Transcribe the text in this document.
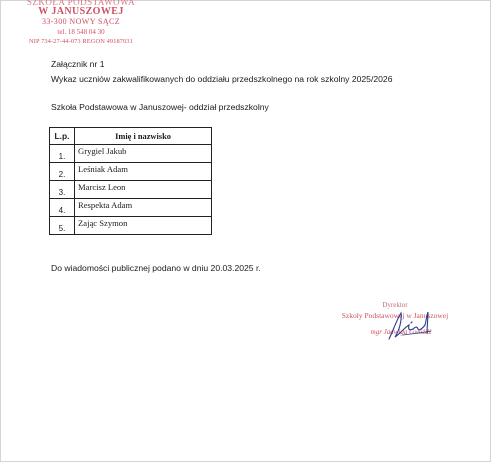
SZKOŁA PODSTAWOWA
W JANUSZOWEJ
33-300 NOWY SĄCZ
tel. 18 548 04 30
NIP 734-27-44-073 REGON 49187031
Załącznik nr 1
Wykaz uczniów zakwalifikowanych do oddziału przedszkolnego na rok szkolny 2025/2026
Szkoła Podstawowa w Januszowej- oddział przedszkolny
L.p.	Imię i nazwisko
1.	Grygiel Jakub
2.	Leśniak Adam
3.	Marcisz Leon
4.	Respekta Adam
5.	Zając Szymon
Do wiadomości publicznej podano w dniu 20.03.2025 r.
Dyrektor
Szkoły Podstawowej w Januszowej
mgr Jadwiga Gwóźdź
